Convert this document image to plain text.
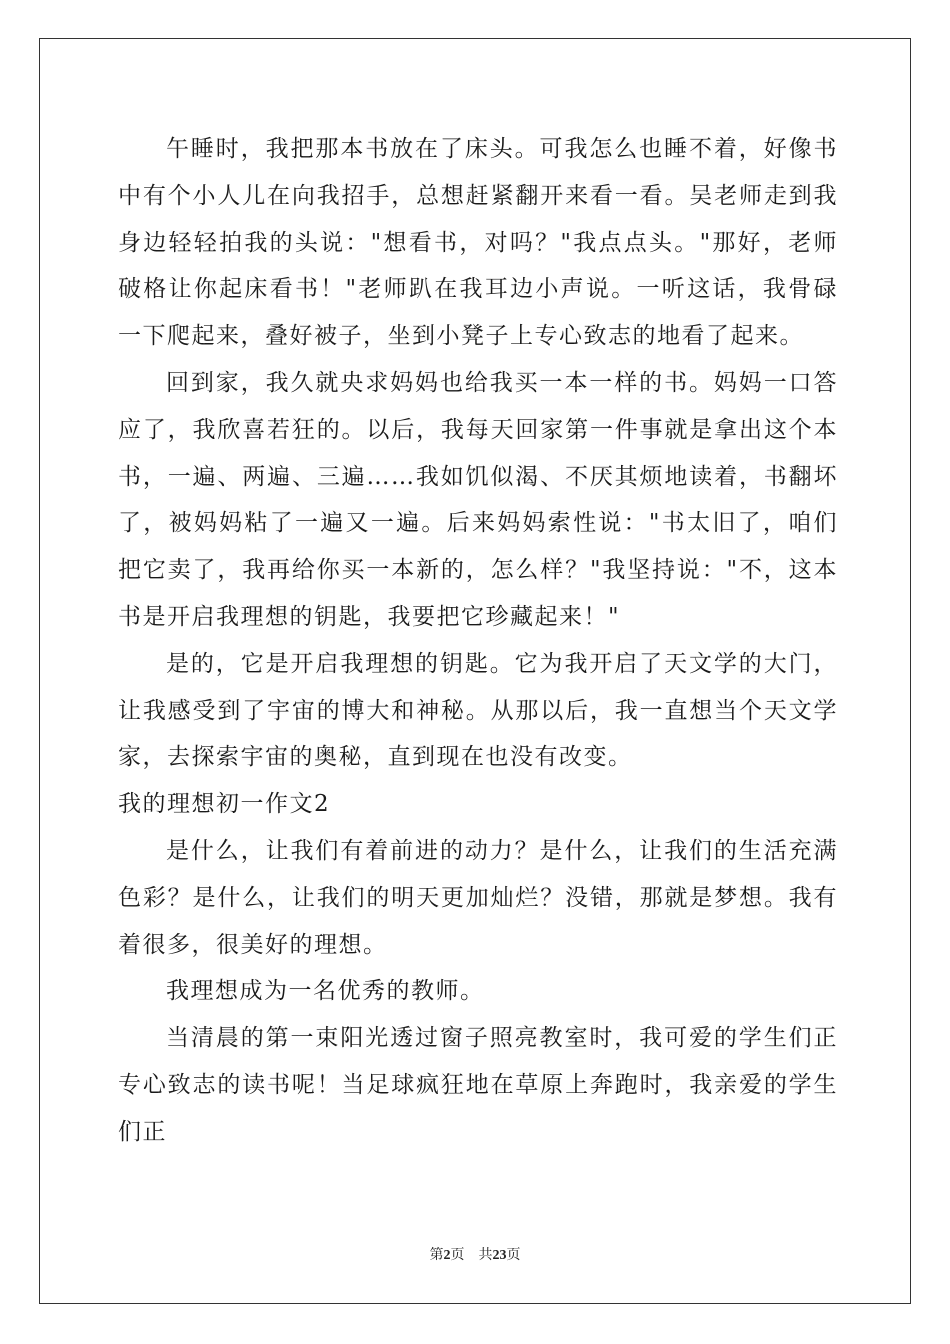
午睡时，我把那本书放在了床头。可我怎么也睡不着，好像书中有个小人儿在向我招手，总想赶紧翻开来看一看。吴老师走到我身边轻轻拍我的头说："想看书，对吗？"我点点头。"那好，老师破格让你起床看书！"老师趴在我耳边小声说。一听这话，我骨碌一下爬起来，叠好被子，坐到小凳子上专心致志的地看了起来。

回到家，我久就央求妈妈也给我买一本一样的书。妈妈一口答应了，我欣喜若狂的。以后，我每天回家第一件事就是拿出这个本书，一遍、两遍、三遍……我如饥似渴、不厌其烦地读着，书翻坏了，被妈妈粘了一遍又一遍。后来妈妈索性说："书太旧了，咱们把它卖了，我再给你买一本新的，怎么样？"我坚持说："不，这本书是开启我理想的钥匙，我要把它珍藏起来！"

是的，它是开启我理想的钥匙。它为我开启了天文学的大门，让我感受到了宇宙的博大和神秘。从那以后，我一直想当个天文学家，去探索宇宙的奥秘，直到现在也没有改变。

我的理想初一作文2

是什么，让我们有着前进的动力？是什么，让我们的生活充满色彩？是什么，让我们的明天更加灿烂？没错，那就是梦想。我有着很多，很美好的理想。

我理想成为一名优秀的教师。

当清晨的第一束阳光透过窗子照亮教室时，我可爱的学生们正专心致志的读书呢！当足球疯狂地在草原上奔跑时，我亲爱的学生们正

第2页　共23页
